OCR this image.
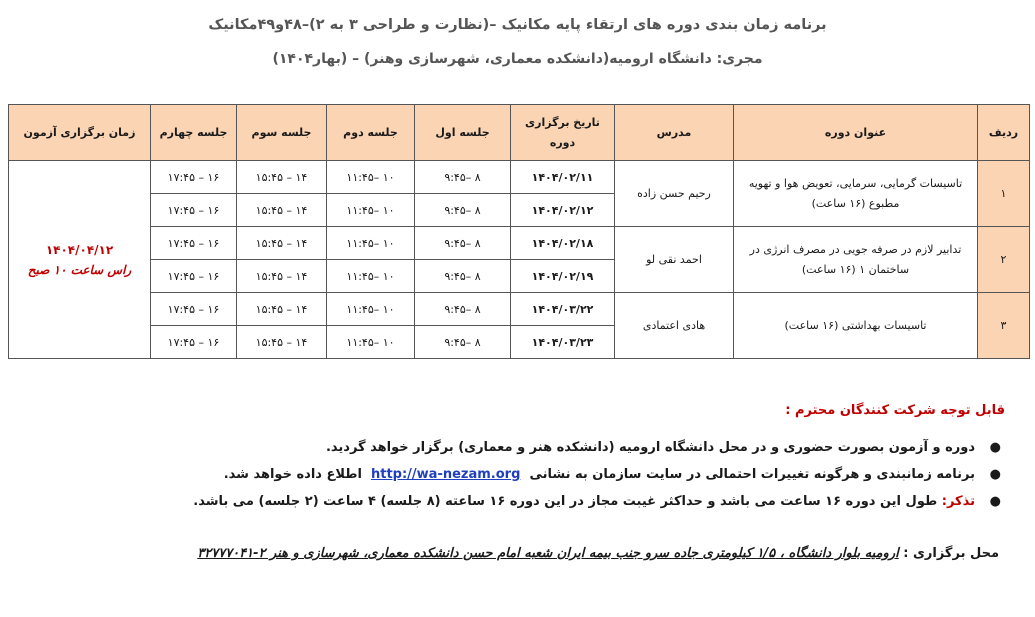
برنامه زمان بندی دوره های ارتقاء پایه مکانیک –(نظارت و طراحی ۳ به ۲)–۴۸و۴۹مکانیک
مجری: دانشگاه ارومیه(دانشکده معماری، شهرسازی وهنر) – (بهار۱۴۰۴)
ردیف	عنوان دوره	مدرس	تاریخ برگزاری دوره	جلسه اول	جلسه دوم	جلسه سوم	جلسه چهارم	زمان برگزاری آزمون
۱	تاسیسات گرمایی، سرمایی، تعویض هوا و تهویه مطبوع (۱۶ ساعت)	رحیم حسن زاده	۱۴۰۴/۰۲/۱۱	۸ –۹:۴۵	۱۰ –۱۱:۴۵	۱۴ – ۱۵:۴۵	۱۶ – ۱۷:۴۵	۱۴۰۴/۰۴/۱۲
راس ساعت ۱۰ صبح

			۱۴۰۴/۰۲/۱۲	۸ –۹:۴۵	۱۰ –۱۱:۴۵	۱۴ – ۱۵:۴۵	۱۶ – ۱۷:۴۵	
۲	تدابیر لازم در صرفه جویی در مصرف انرژی در ساختمان ۱ (۱۶ ساعت)	احمد نقی لو	۱۴۰۴/۰۲/۱۸	۸ –۹:۴۵	۱۰ –۱۱:۴۵	۱۴ – ۱۵:۴۵	۱۶ – ۱۷:۴۵	
			۱۴۰۴/۰۲/۱۹	۸ –۹:۴۵	۱۰ –۱۱:۴۵	۱۴ – ۱۵:۴۵	۱۶ – ۱۷:۴۵	
۳	تاسیسات بهداشتی (۱۶ ساعت)	هادی اعتمادی	۱۴۰۴/۰۳/۲۲	۸ –۹:۴۵	۱۰ –۱۱:۴۵	۱۴ – ۱۵:۴۵	۱۶ – ۱۷:۴۵	
			۱۴۰۴/۰۳/۲۳	۸ –۹:۴۵	۱۰ –۱۱:۴۵	۱۴ – ۱۵:۴۵	۱۶ – ۱۷:۴۵	
قابل توجه شرکت کنندگان محترم :
●
دوره و آزمون بصورت حضوری و در محل دانشگاه ارومیه (دانشکده هنر و معماری) برگزار خواهد گردید.
●
برنامه زمانبندی و هرگونه تغییرات احتمالی در سایت سازمان به نشانی  http://wa-nezam.org  اطلاع داده خواهد شد.
●
تذکر: طول این دوره ۱۶ ساعت می باشد و حداکثر غیبت مجاز در این دوره ۱۶ ساعته (۸ جلسه) ۴ ساعت (۲ جلسه) می باشد.
محل برگزاری : ارومیه بلوار دانشگاه ، ۱/۵ کیلومتری جاده سرو جنب بیمه ایران شعبه امام حسن دانشکده معماری، شهرسازی و هنر ۲-۳۲۷۷۷۰۴۱
